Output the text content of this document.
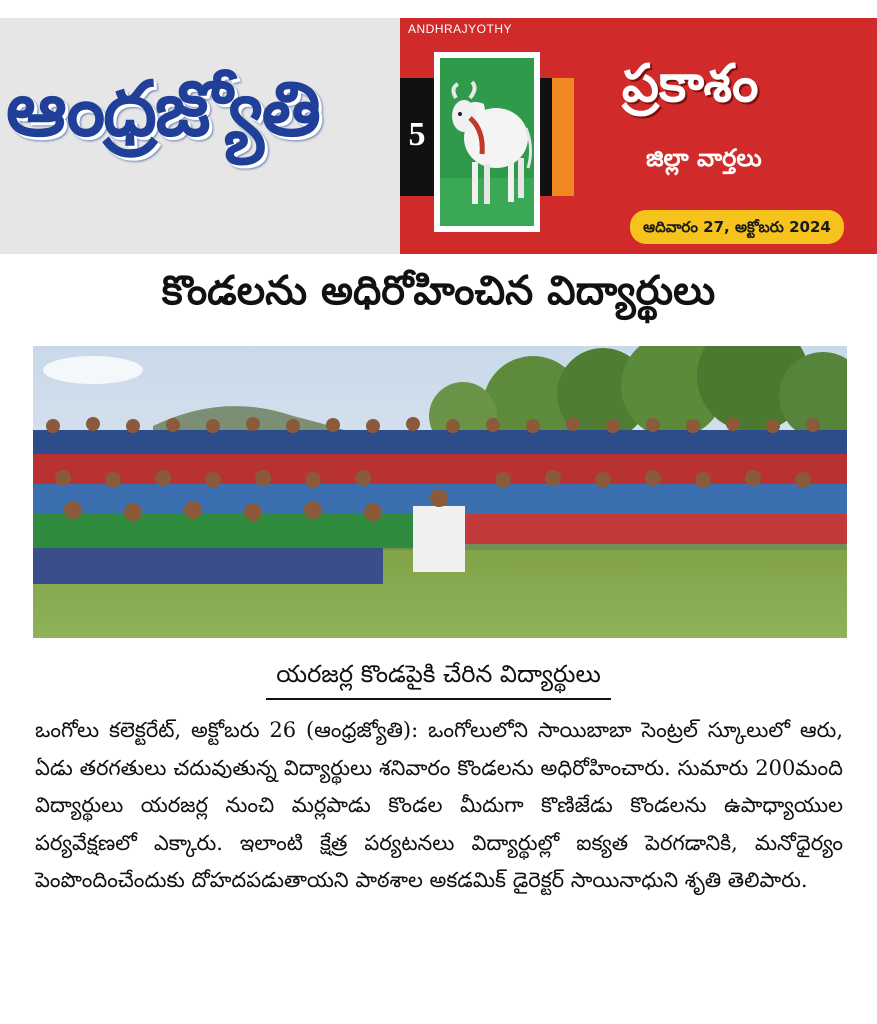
ఆంధ్రజ్యోతి
ANDHRAJYOTHY
5
ప్రకాశం
జిల్లా వార్తలు
ఆదివారం 27, అక్టోబరు 2024
కొండలను అధిరోహించిన విద్యార్థులు
యరజర్ల కొండపైకి చేరిన విద్యార్థులు
ఒంగోలు కలెక్టరేట్, అక్టోబరు 26 (ఆంధ్రజ్యోతి): ఒంగోలులోని సాయిబాబా సెంట్రల్ స్కూలులో ఆరు, ఏడు తరగతులు చదువుతున్న విద్యార్థులు శనివారం కొండలను అధిరోహించారు. సుమారు 200మంది విద్యార్థులు యరజర్ల నుంచి మర్లపాడు కొండల మీదుగా కొణిజేడు కొండలను ఉపాధ్యాయుల పర్యవేక్షణలో ఎక్కారు. ఇలాంటి క్షేత్ర పర్యటనలు విద్యార్థుల్లో ఐక్యత పెరగడానికి, మనోధైర్యం పెంపొందించేందుకు దోహదపడుతాయని పాఠశాల అకడమిక్ డైరెక్టర్ సాయినాధుని శృతి తెలిపారు.
